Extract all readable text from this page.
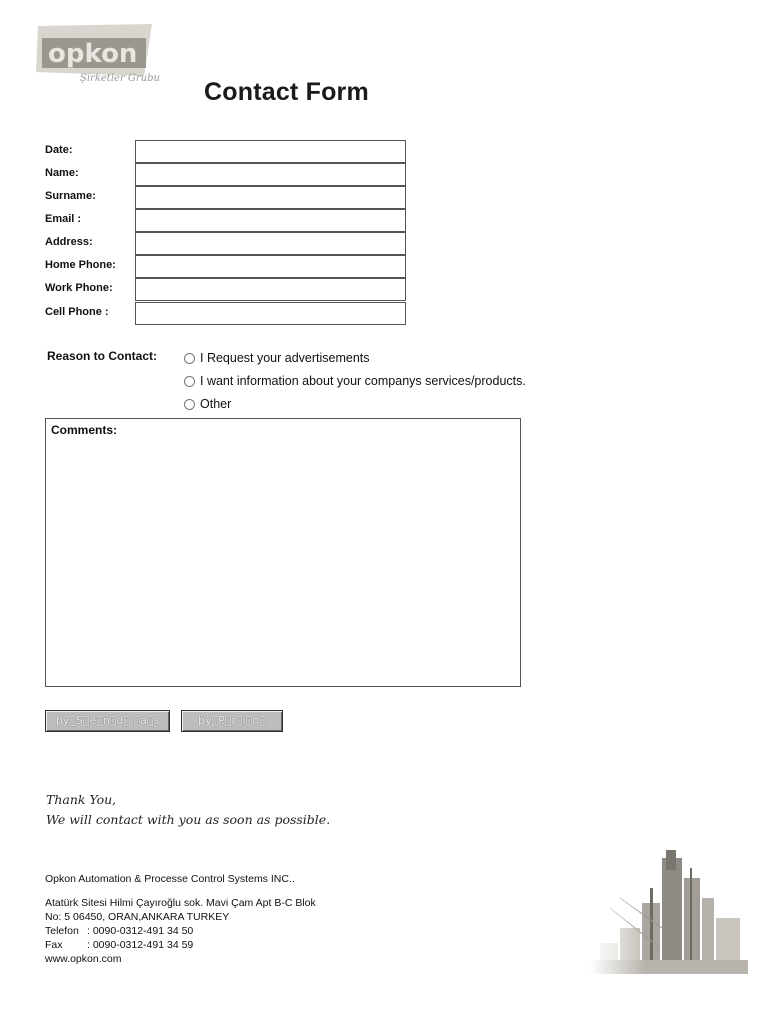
opkon
Şirketler Grubu Contact Form
Date:
Name:
Surname:
Email :
Address:
Home Phone:
Work Phone:
Cell Phone :
Reason to Contact:	I Request your advertisements
I want information about your companys services/products.
Other
Comments:
þÿ S e n d   a s	þÿ P r i n 
Thank You,
We will contact with you as soon as possible.
Opkon Automation & Processe Control Systems INC..
Atatürk Sitesi Hilmi Çayıroğlu sok. Mavi Çam Apt B-C Blok
No: 5 06450, ORAN,ANKARA TURKEY
Telefon : 0090-0312-491 34 50
Fax	: 0090-0312-491 34 59
www.opkon.com
